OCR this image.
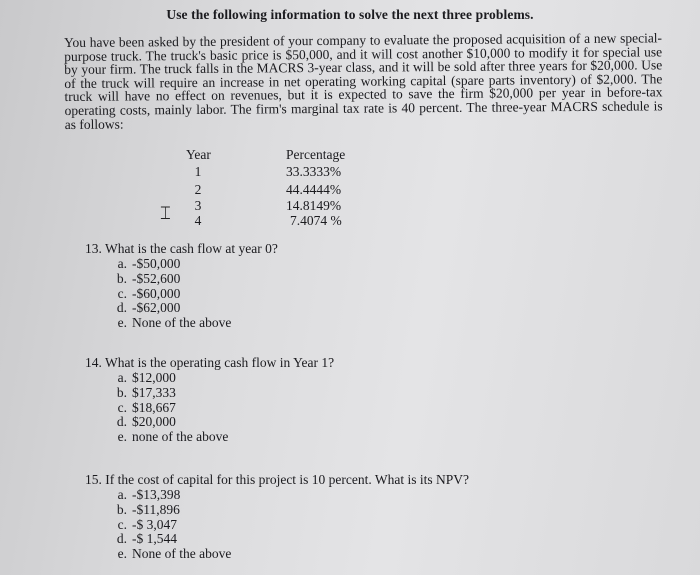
Use the following information to solve the next three problems.

You have been asked by the president of your company to evaluate the proposed acquisition of a new special-purpose truck. The truck's basic price is $50,000, and it will cost another $10,000 to modify it for special use by your firm. The truck falls in the MACRS 3-year class, and it will be sold after three years for $20,000. Use of the truck will require an increase in net operating working capital (spare parts inventory) of $2,000. The truck will have no effect on revenues, but it is expected to save the firm $20,000 per year in before-tax operating costs, mainly labor. The firm's marginal tax rate is 40 percent. The three-year MACRS schedule is as follows:

Year	Percentage
1	33.3333%
2	44.4444%
3	14.8149%
4	7.4074 %
⌶
13. What is the cash flow at year 0?
a. -$50,000
b. -$52,600
c. -$60,000
d. -$62,000
e. None of the above
14. What is the operating cash flow in Year 1?
a. $12,000
b. $17,333
c. $18,667
d. $20,000
e. none of the above
15. If the cost of capital for this project is 10 percent. What is its NPV?
a. -$13,398
b. -$11,896
c. -$ 3,047
d. -$ 1,544
e. None of the above
